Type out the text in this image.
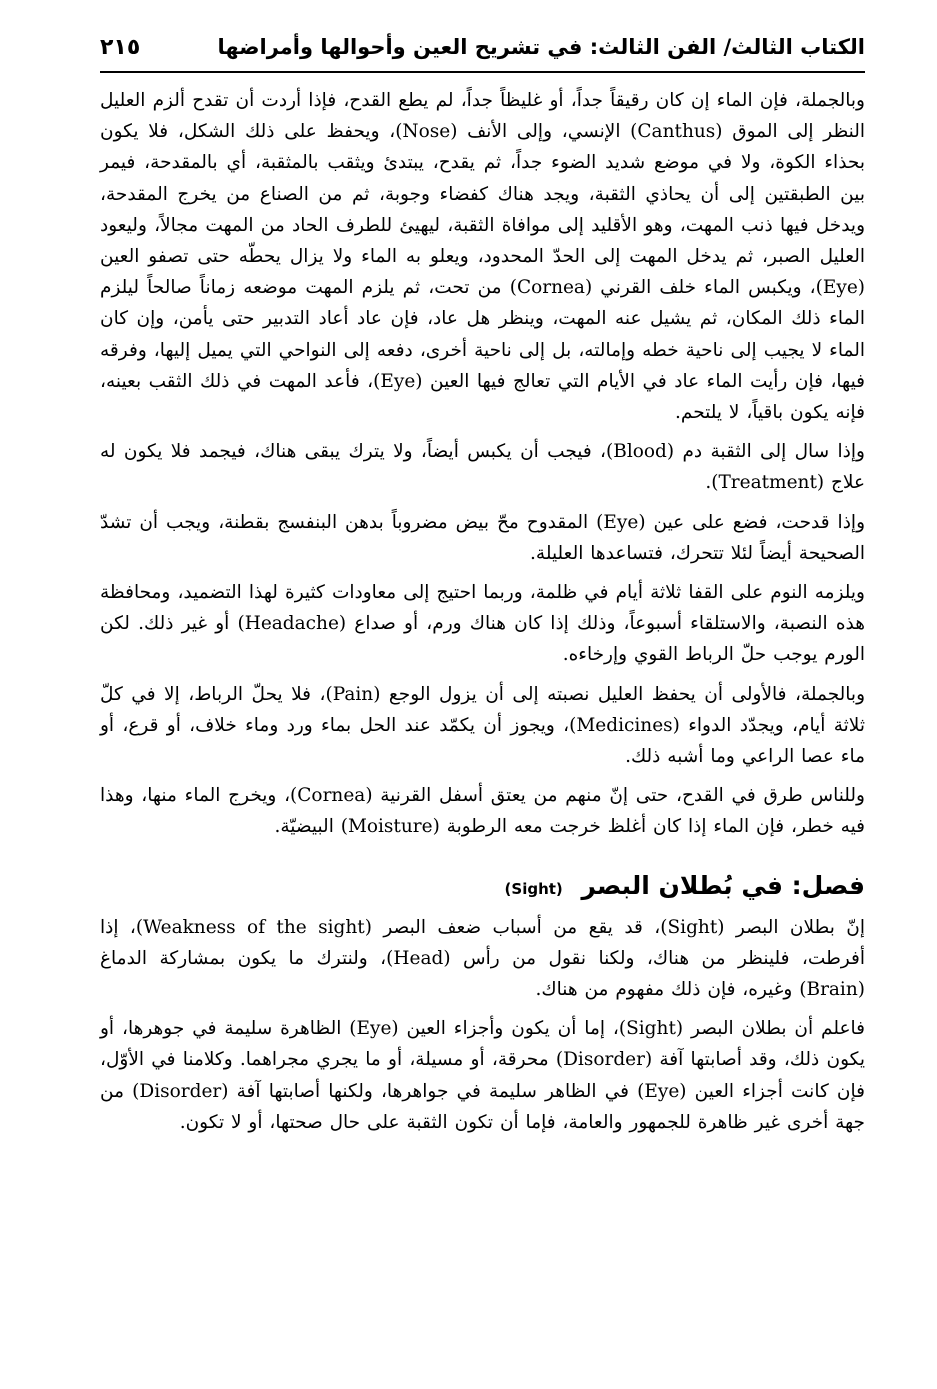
الكتاب الثالث/ الفن الثالث: في تشريح العين وأحوالها وأمراضها
٢١٥

وبالجملة، فإن الماء إن كان رقيقاً جداً، أو غليظاً جداً، لم يطع القدح، فإذا أردت أن تقدح ألزم العليل النظر إلى الموق (Canthus) الإنسي، وإلى الأنف (Nose)، ويحفظ على ذلك الشكل، فلا يكون بحذاء الكوة، ولا في موضع شديد الضوء جداً، ثم يقدح، يبتدئ ويثقب بالمثقبة، أي بالمقدحة، فيمر بين الطبقتين إلى أن يحاذي الثقبة، ويجد هناك كفضاء وجوبة، ثم من الصناع من يخرج المقدحة، ويدخل فيها ذنب المهت، وهو الأقليد إلى موافاة الثقبة، ليهيئ للطرف الحاد من المهت مجالاً، وليعود العليل الصبر، ثم يدخل المهت إلى الحدّ المحدود، ويعلو به الماء ولا يزال يحطّه حتى تصفو العين (Eye)، ويكبس الماء خلف القرني (Cornea) من تحت، ثم يلزم المهت موضعه زماناً صالحاً ليلزم الماء ذلك المكان، ثم يشيل عنه المهت، وينظر هل عاد، فإن عاد أعاد التدبير حتى يأمن، وإن كان الماء لا يجيب إلى ناحية خطه وإمالته، بل إلى ناحية أخرى، دفعه إلى النواحي التي يميل إليها، وفرقه فيها، فإن رأيت الماء عاد في الأيام التي تعالج فيها العين (Eye)، فأعد المهت في ذلك الثقب بعينه، فإنه يكون باقياً، لا يلتحم.

وإذا سال إلى الثقبة دم (Blood)، فيجب أن يكبس أيضاً، ولا يترك يبقى هناك، فيجمد فلا يكون له علاج (Treatment).

وإذا قدحت، فضع على عين (Eye) المقدوح محّ بيض مضروباً بدهن البنفسج بقطنة، ويجب أن تشدّ الصحيحة أيضاً لئلا تتحرك، فتساعدها العليلة.

ويلزمه النوم على القفا ثلاثة أيام في ظلمة، وربما احتيج إلى معاودات كثيرة لهذا التضميد، ومحافظة هذه النصبة، والاستلقاء أسبوعاً، وذلك إذا كان هناك ورم، أو صداع (Headache) أو غير ذلك. لكن الورم يوجب حلّ الرباط القوي وإرخاءه.

وبالجملة، فالأولى أن يحفظ العليل نصبته إلى أن يزول الوجع (Pain)، فلا يحلّ الرباط، إلا في كلّ ثلاثة أيام، ويجدّد الدواء (Medicines)، ويجوز أن يكمّد عند الحل بماء ورد وماء خلاف، أو قرع، أو ماء عصا الراعي وما أشبه ذلك.

وللناس طرق في القدح، حتى إنّ منهم من يعتق أسفل القرنية (Cornea)، ويخرج الماء منها، وهذا فيه خطر، فإن الماء إذا كان أغلظ خرجت معه الرطوبة (Moisture) البيضيّة.

فصل: في بُطلان البصر (Sight)

إنّ بطلان البصر (Sight)، قد يقع من أسباب ضعف البصر (Weakness of the sight)، إذا أفرطت، فلينظر من هناك، ولكنا نقول من رأس (Head)، ولنترك ما يكون بمشاركة الدماغ (Brain) وغيره، فإن ذلك مفهوم من هناك.

فاعلم أن بطلان البصر (Sight)، إما أن يكون وأجزاء العين (Eye) الظاهرة سليمة في جوهرها، أو يكون ذلك، وقد أصابتها آفة (Disorder) محرقة، أو مسيلة، أو ما يجري مجراهما. وكلامنا في الأوّل، فإن كانت أجزاء العين (Eye) في الظاهر سليمة في جواهرها، ولكنها أصابتها آفة (Disorder) من جهة أخرى غير ظاهرة للجمهور والعامة، فإما أن تكون الثقبة على حال صحتها، أو لا تكون.
